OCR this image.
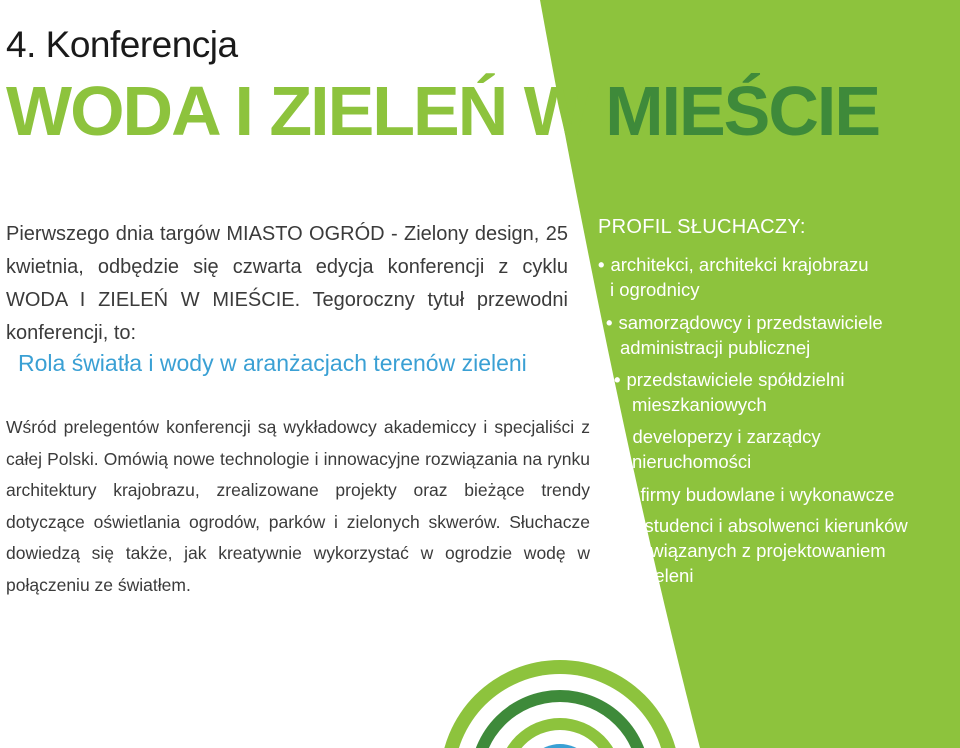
4. Konferencja
WODA I ZIELEŃ W MIEŚCIE

Pierwszego dnia targów MIASTO OGRÓD - Zielony design, 25 kwietnia, odbędzie się czwarta edycja konferencji z cyklu WODA I ZIELEŃ W MIEŚCIE. Tegoroczny tytuł przewodni konferencji, to:

Rola światła i wody w aranżacjach terenów zieleni

Wśród prelegentów konferencji są wykładowcy akademiccy i specjaliści z całej Polski. Omówią nowe technologie i innowacyjne rozwiązania na rynku architektury krajobrazu, zrealizowane projekty oraz bieżące trendy dotyczące oświetlania ogrodów, parków i zielonych skwerów. Słuchacze dowiedzą się także, jak kreatywnie wykorzystać w ogrodzie wodę w połączeniu ze światłem.

PROFIL SŁUCHACZY:
• architekci, architekci krajobrazu
i ogrodnicy
• samorządowcy i przedstawiciele
administracji publicznej
• przedstawiciele spółdzielni
mieszkaniowych
• developerzy i zarządcy
nieruchomości
• firmy budowlane i wykonawcze
• studenci i absolwenci kierunków
związanych z projektowaniem
zieleni
